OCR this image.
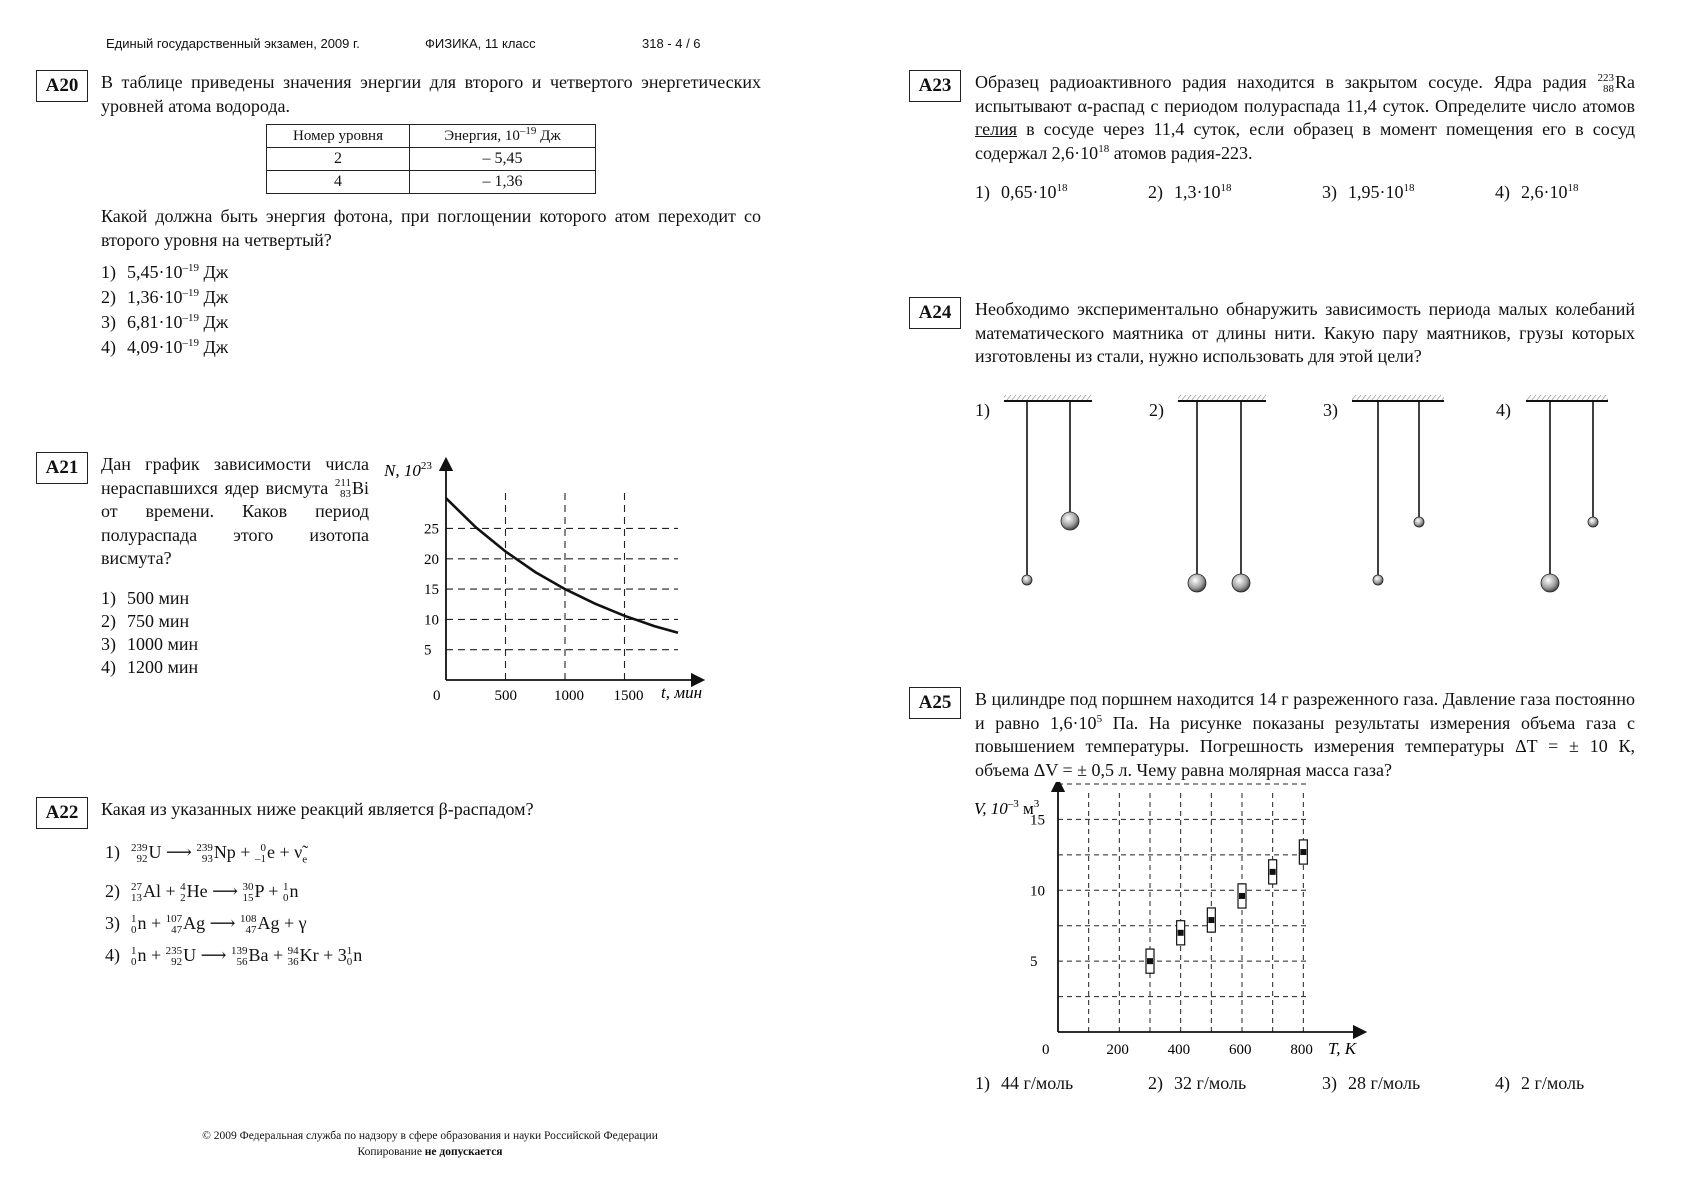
Единый государственный экзамен, 2009 г.	ФИЗИКА, 11 класс	318 - 4 / 6
A20	В таблице приведены значения энергии для второго и четвертого энергетических уровней атома водорода.
Номер уровня	Энергия, $10^{-19}$ Дж
2	– 5,45
4	– 1,36
Какой должна быть энергия фотона, при поглощении которого атом переходит со второго уровня на четвертый?
1) $5,45\cdot 10^{-19}$ Дж
2) $1,36\cdot 10^{-19}$ Дж
3) $6,81\cdot 10^{-19}$ Дж
4) $4,09\cdot 10^{-19}$ Дж
A21	Дан график зависимости числа нераспавшихся ядер висмута 211
83 Bi от времени. Каков период полураспада этого изотопа висмута?
1) 500 мин
2) 750 мин
3) 1000 мин
4) 1200 мин
5
10
15
20
25
0	500 1000 1500
N, $10^{23}$
t, мин
A22	Какая из указанных ниже реакций является β-распадом?
1) 239
92 U ⟶ 239
93 Np + 0
–1 $e + \nũ_e$
2) 27
13 Al + 4
2 He ⟶ 30
15 P + 1
0 n
3) 1
0 n + 107
47 Ag ⟶ 108
47 Ag + γ
4) 1
0 n + 235
92 U ⟶ 139
56 Ba + 94
36 Kr + 3 1
0 n
© 2009 Федеральная служба по надзору в сфере образования и науки Российской Федерации
Копирование не допускается
A23	Образец радиоактивного радия находится в закрытом сосуде. Ядра радия 223
88 Ra испытывают α-распад с периодом полураспада 11,4 суток. Определите число атомов гелия в сосуде через 11,4 суток, если образец в момент помещения его в сосуд содержал $2,6\cdot 10^{18}$ атомов радия-223.
1) $0,65\cdot 10^{18}$	2) $1,3\cdot 10^{18}$	3) $1,95\cdot 10^{18}$	4) $2,6\cdot 10^{18}$
A24	Необходимо экспериментально обнаружить зависимость периода малых колебаний математического маятника от длины нити. Какую пару маятников, грузы которых изготовлены из стали, нужно использовать для этой цели?
1)	2)	3)	4)
A25	В цилиндре под поршнем находится 14 г разреженного газа. Давление газа постоянно и равно $1,6\cdot 10^5$ Па. На рисунке показаны результаты измерения объема газа с повышением температуры. Погрешность измерения температуры ΔT = ± 10 К, объема ΔV = ± 0,5 л. Чему равна молярная масса газа?
5
10
15
0	200	400	600	800
V, $10^{-3}$ $м^3$
T, К
1) 44 г/моль	2) 32 г/моль	3) 28 г/моль	4) 2 г/моль
